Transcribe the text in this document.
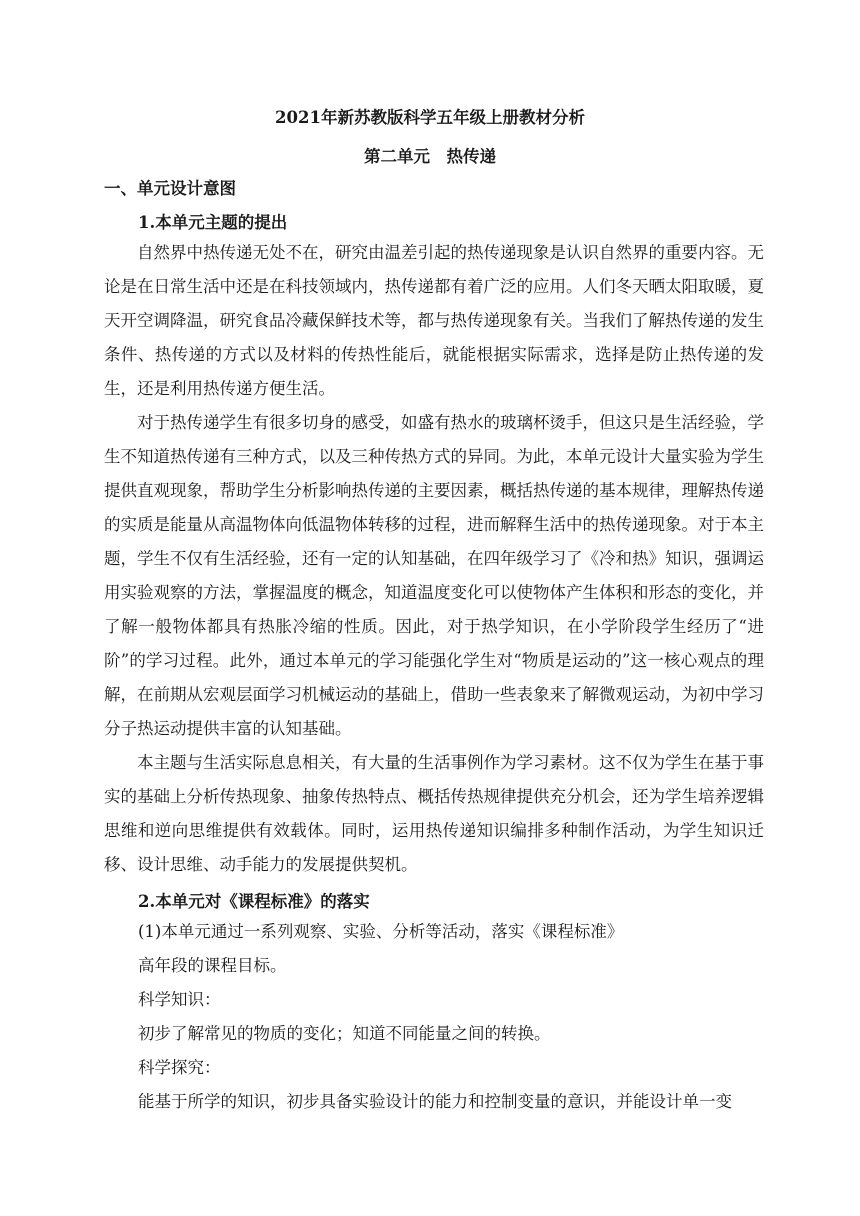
2021年新苏教版科学五年级上册教材分析
第二单元　热传递
一、单元设计意图
1.本单元主题的提出
自然界中热传递无处不在，研究由温差引起的热传递现象是认识自然界的重要内容。无论是在日常生活中还是在科技领域内，热传递都有着广泛的应用。人们冬天晒太阳取暖，夏天开空调降温，研究食品冷藏保鲜技术等，都与热传递现象有关。当我们了解热传递的发生条件、热传递的方式以及材料的传热性能后，就能根据实际需求，选择是防止热传递的发生，还是利用热传递方便生活。
对于热传递学生有很多切身的感受，如盛有热水的玻璃杯烫手，但这只是生活经验，学生不知道热传递有三种方式，以及三种传热方式的异同。为此，本单元设计大量实验为学生提供直观现象，帮助学生分析影响热传递的主要因素，概括热传递的基本规律，理解热传递的实质是能量从高温物体向低温物体转移的过程，进而解释生活中的热传递现象。对于本主题，学生不仅有生活经验，还有一定的认知基础，在四年级学习了《冷和热》知识，强调运用实验观察的方法，掌握温度的概念，知道温度变化可以使物体产生体积和形态的变化，并了解一般物体都具有热胀冷缩的性质。因此，对于热学知识，在小学阶段学生经历了“进阶”的学习过程。此外，通过本单元的学习能强化学生对“物质是运动的”这一核心观点的理解，在前期从宏观层面学习机械运动的基础上，借助一些表象来了解微观运动，为初中学习分子热运动提供丰富的认知基础。
本主题与生活实际息息相关，有大量的生活事例作为学习素材。这不仅为学生在基于事实的基础上分析传热现象、抽象传热特点、概括传热规律提供充分机会，还为学生培养逻辑思维和逆向思维提供有效载体。同时，运用热传递知识编排多种制作活动，为学生知识迁移、设计思维、动手能力的发展提供契机。
2.本单元对《课程标准》的落实
(1)本单元通过一系列观察、实验、分析等活动，落实《课程标准》
高年段的课程目标。
科学知识：
初步了解常见的物质的变化；知道不同能量之间的转换。
科学探究：
能基于所学的知识，初步具备实验设计的能力和控制变量的意识，并能设计单一变
